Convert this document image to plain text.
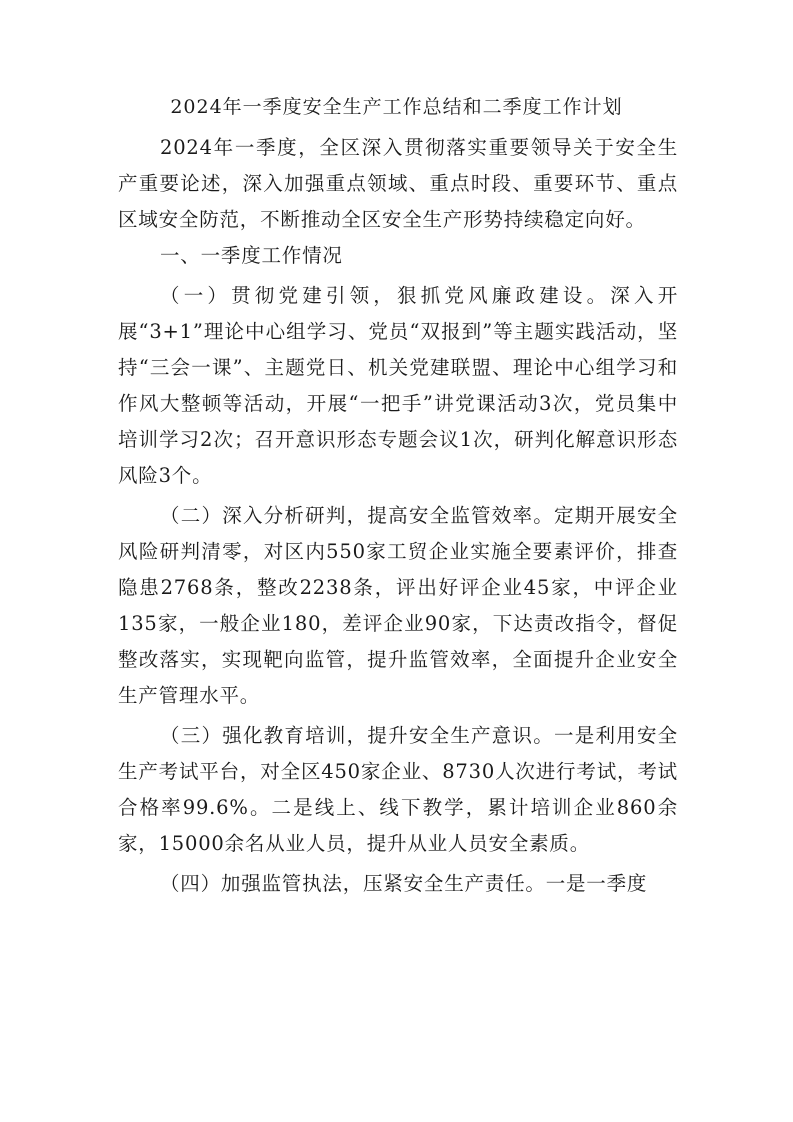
2024年一季度安全生产工作总结和二季度工作计划

2024年一季度，全区深入贯彻落实重要领导关于安全生产重要论述，深入加强重点领域、重点时段、重要环节、重点区域安全防范，不断推动全区安全生产形势持续稳定向好。

一、一季度工作情况

（一）贯彻党建引领，狠抓党风廉政建设。深入开展“3+1”理论中心组学习、党员“双报到”等主题实践活动，坚持“三会一课”、主题党日、机关党建联盟、理论中心组学习和作风大整顿等活动，开展“一把手”讲党课活动3次，党员集中培训学习2次；召开意识形态专题会议1次，研判化解意识形态风险3个。

（二）深入分析研判，提高安全监管效率。定期开展安全风险研判清零，对区内550家工贸企业实施全要素评价，排查隐患2768条，整改2238条，评出好评企业45家，中评企业135家，一般企业180，差评企业90家，下达责改指令，督促整改落实，实现靶向监管，提升监管效率，全面提升企业安全生产管理水平。

（三）强化教育培训，提升安全生产意识。一是利用安全生产考试平台，对全区450家企业、8730人次进行考试，考试合格率99.6%。二是线上、线下教学，累计培训企业860余家，15000余名从业人员，提升从业人员安全素质。

（四）加强监管执法，压紧安全生产责任。一是一季度
